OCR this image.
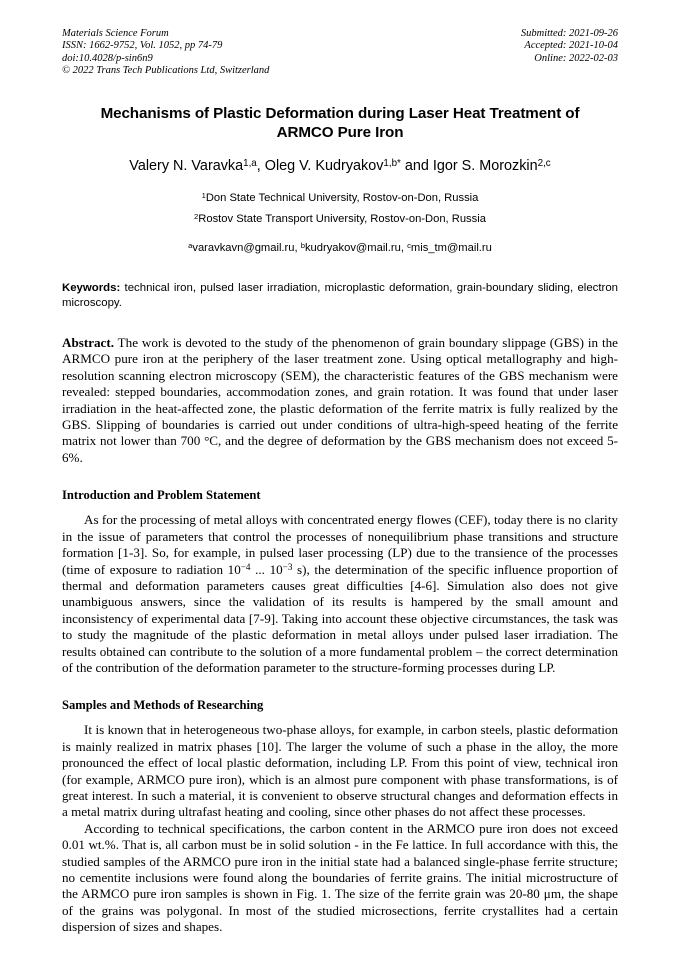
Materials Science Forum
ISSN: 1662-9752, Vol. 1052, pp 74-79
doi:10.4028/p-sin6n9
© 2022 Trans Tech Publications Ltd, Switzerland
Submitted: 2021-09-26
Accepted: 2021-10-04
Online: 2022-02-03
Mechanisms of Plastic Deformation during Laser Heat Treatment of
ARMCO Pure Iron
Valery N. Varavka$^{1,a}$, Oleg V. Kudryakov$^{1,b*}$ and Igor S. Morozkin$^{2,c}$
$^1$Don State Technical University, Rostov-on-Don, Russia
$^2$Rostov State Transport University, Rostov-on-Don, Russia
$^a$varavkavn@gmail.ru, $^b$kudryakov@mail.ru, $^c$mis_tm@mail.ru
Keywords: technical iron, pulsed laser irradiation, microplastic deformation, grain-boundary sliding, electron microscopy.
Abstract. The work is devoted to the study of the phenomenon of grain boundary slippage (GBS) in the ARMCO pure iron at the periphery of the laser treatment zone. Using optical metallography and high-resolution scanning electron microscopy (SEM), the characteristic features of the GBS mechanism were revealed: stepped boundaries, accommodation zones, and grain rotation. It was found that under laser irradiation in the heat-affected zone, the plastic deformation of the ferrite matrix is fully realized by the GBS. Slipping of boundaries is carried out under conditions of ultra-high-speed heating of the ferrite matrix not lower than 700 °C, and the degree of deformation by the GBS mechanism does not exceed 5-6%.
Introduction and Problem Statement
As for the processing of metal alloys with concentrated energy flowes (CEF), today there is no clarity in the issue of parameters that control the processes of nonequilibrium phase transitions and structure formation [1-3]. So, for example, in pulsed laser processing (LP) due to the transience of the processes (time of exposure to radiation $10^{-4}$ ... $10^{-3}$ s), the determination of the specific influence proportion of thermal and deformation parameters causes great difficulties [4-6]. Simulation also does not give unambiguous answers, since the validation of its results is hampered by the small amount and inconsistency of experimental data [7-9]. Taking into account these objective circumstances, the task was to study the magnitude of the plastic deformation in metal alloys under pulsed laser irradiation. The results obtained can contribute to the solution of a more fundamental problem – the correct determination of the contribution of the deformation parameter to the structure-forming processes during LP.
Samples and Methods of Researching
It is known that in heterogeneous two-phase alloys, for example, in carbon steels, plastic deformation is mainly realized in matrix phases [10]. The larger the volume of such a phase in the alloy, the more pronounced the effect of local plastic deformation, including LP. From this point of view, technical iron (for example, ARMCO pure iron), which is an almost pure component with phase transformations, is of great interest. In such a material, it is convenient to observe structural changes and deformation effects in a metal matrix during ultrafast heating and cooling, since other phases do not affect these processes.
According to technical specifications, the carbon content in the ARMCO pure iron does not exceed 0.01 wt.%. That is, all carbon must be in solid solution - in the Fe lattice. In full accordance with this, the studied samples of the ARMCO pure iron in the initial state had a balanced single-phase ferrite structure; no cementite inclusions were found along the boundaries of ferrite grains. The initial microstructure of the ARMCO pure iron samples is shown in Fig. 1. The size of the ferrite grain was 20-80 μm, the shape of the grains was polygonal. In most of the studied microsections, ferrite crystallites had a certain dispersion of sizes and shapes.
